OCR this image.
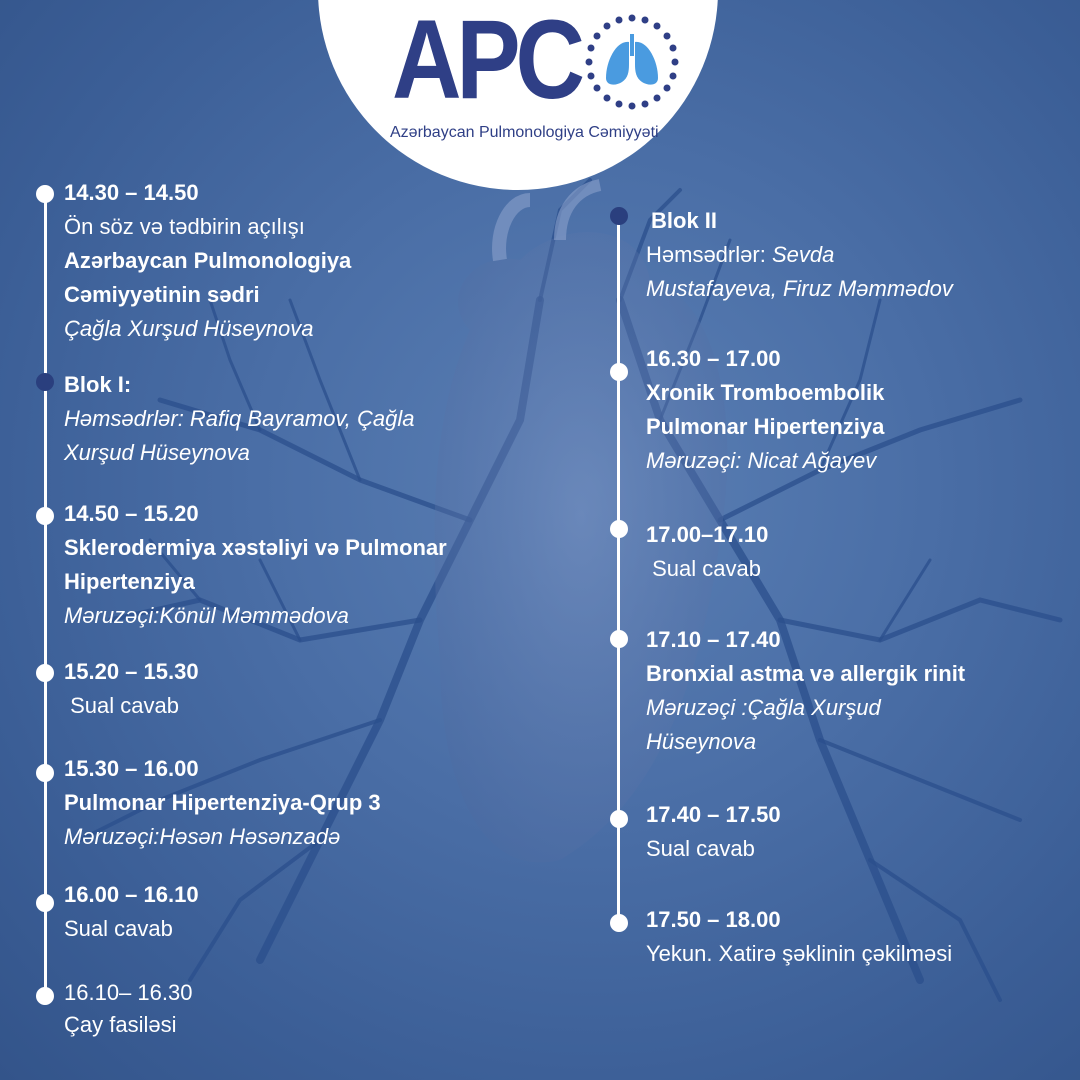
APC
Azərbaycan Pulmonologiya Cəmiyyəti
14.30 – 14.50
Ön söz və tədbirin açılışı
Azərbaycan Pulmonologiya
Cəmiyyətinin sədri
Çağla Xurşud Hüseynova
Blok I:
Həmsədrlər: Rafiq Bayramov, Çağla
Xurşud Hüseynova
14.50 – 15.20
Sklerodermiya xəstəliyi və Pulmonar
Hipertenziya
Məruzəçi:Könül Məmmədova
15.20 – 15.30
Sual cavab
15.30 – 16.00
Pulmonar Hipertenziya-Qrup 3
Məruzəçi:Həsən Həsənzadə
16.00 – 16.10
Sual cavab
16.10– 16.30
Çay fasiləsi
Blok II
Həmsədrlər: Sevda
Mustafayeva, Firuz Məmmədov
16.30 – 17.00
Xronik Tromboembolik
Pulmonar Hipertenziya
Məruzəçi: Nicat Ağayev
17.00–17.10
Sual cavab
17.10 – 17.40
Bronxial astma və allergik rinit
Məruzəçi :Çağla Xurşud
Hüseynova
17.40 – 17.50
Sual cavab
17.50 – 18.00
Yekun. Xatirə şəklinin çəkilməsi
